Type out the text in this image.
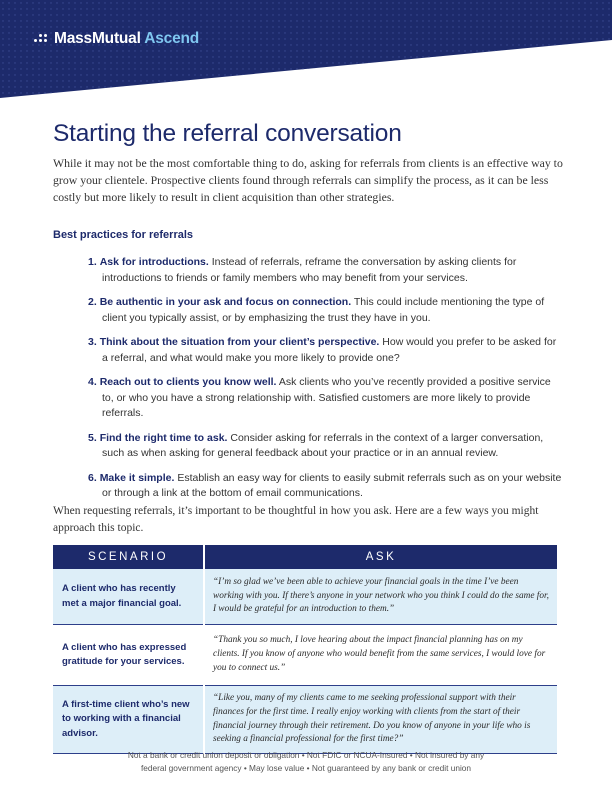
MassMutual Ascend
Starting the referral conversation

While it may not be the most comfortable thing to do, asking for referrals from clients is an effective way to grow your clientele. Prospective clients found through referrals can simplify the process, as it can be less costly but more likely to result in client acquisition than other strategies.

Best practices for referrals
1. Ask for introductions. Instead of referrals, reframe the conversation by asking clients for introductions to friends or family members who may benefit from your services.
2. Be authentic in your ask and focus on connection. This could include mentioning the type of client you typically assist, or by emphasizing the trust they have in you.
3. Think about the situation from your client’s perspective. How would you prefer to be asked for a referral, and what would make you more likely to provide one?
4. Reach out to clients you know well. Ask clients who you’ve recently provided a positive service to, or who you have a strong relationship with. Satisfied customers are more likely to provide referrals.
5. Find the right time to ask. Consider asking for referrals in the context of a larger conversation, such as when asking for general feedback about your practice or in an annual review.
6. Make it simple. Establish an easy way for clients to easily submit referrals such as on your website or through a link at the bottom of email communications.

When requesting referrals, it’s important to be thoughtful in how you ask. Here are a few ways you might approach this topic.

SCENARIO	ASK
A client who has recently met a major financial goal.	“I’m so glad we’ve been able to achieve your financial goals in the time I’ve been working with you. If there’s anyone in your network who you think I could do the same for, I would be grateful for an introduction to them.”
A client who has expressed gratitude for your services.	“Thank you so much, I love hearing about the impact financial planning has on my clients. If you know of anyone who would benefit from the same services, I would love for you to connect us.”
A first-time client who’s new to working with a financial advisor.	“Like you, many of my clients came to me seeking professional support with their finances for the first time. I really enjoy working with clients from the start of their financial journey through their retirement. Do you know of anyone in your life who is seeking a financial professional for the first time?”
Not a bank or credit union deposit or obligation • Not FDIC or NCUA-Insured • Not insured by any
federal government agency • May lose value • Not guaranteed by any bank or credit union
